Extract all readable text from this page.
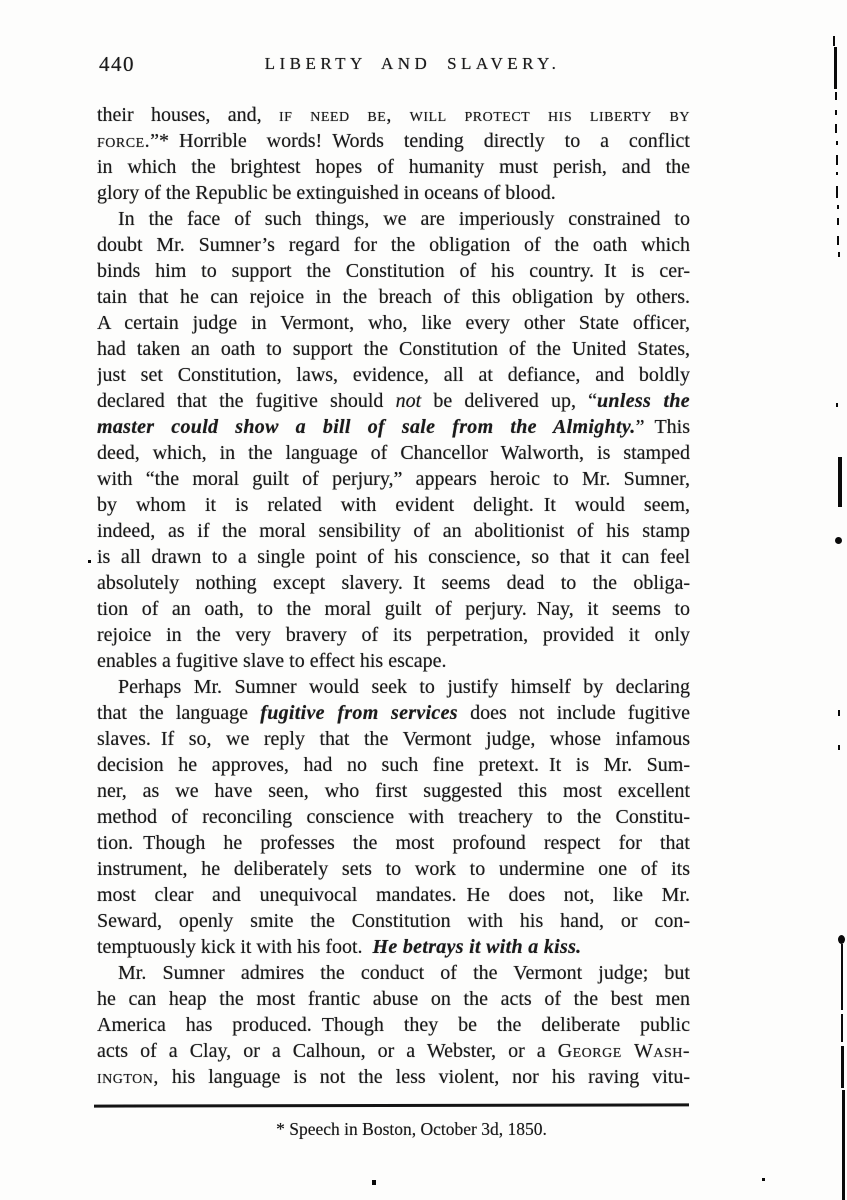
440	LIBERTY AND SLAVERY.
their houses, and, if need be, will protect his liberty by
force.”* Horrible words! Words tending directly to a conflict
in which the brightest hopes of humanity must perish, and the
glory of the Republic be extinguished in oceans of blood.
In the face of such things, we are imperiously constrained to
doubt Mr. Sumner’s regard for the obligation of the oath which
binds him to support the Constitution of his country. It is cer-
tain that he can rejoice in the breach of this obligation by others.
A certain judge in Vermont, who, like every other State officer,
had taken an oath to support the Constitution of the United States,
just set Constitution, laws, evidence, all at defiance, and boldly
declared that the fugitive should not be delivered up, “unless the
master could show a bill of sale from the Almighty.” This
deed, which, in the language of Chancellor Walworth, is stamped
with “the moral guilt of perjury,” appears heroic to Mr. Sumner,
by whom it is related with evident delight. It would seem,
indeed, as if the moral sensibility of an abolitionist of his stamp
is all drawn to a single point of his conscience, so that it can feel
absolutely nothing except slavery. It seems dead to the obliga-
tion of an oath, to the moral guilt of perjury. Nay, it seems to
rejoice in the very bravery of its perpetration, provided it only
enables a fugitive slave to effect his escape.
Perhaps Mr. Sumner would seek to justify himself by declaring
that the language fugitive from services does not include fugitive
slaves. If so, we reply that the Vermont judge, whose infamous
decision he approves, had no such fine pretext. It is Mr. Sum-
ner, as we have seen, who first suggested this most excellent
method of reconciling conscience with treachery to the Constitu-
tion. Though he professes the most profound respect for that
instrument, he deliberately sets to work to undermine one of its
most clear and unequivocal mandates. He does not, like Mr.
Seward, openly smite the Constitution with his hand, or con-
temptuously kick it with his foot. He betrays it with a kiss.
Mr. Sumner admires the conduct of the Vermont judge; but
he can heap the most frantic abuse on the acts of the best men
America has produced. Though they be the deliberate public
acts of a Clay, or a Calhoun, or a Webster, or a George Wash-
ington, his language is not the less violent, nor his raving vitu-
* Speech in Boston, October 3d, 1850.
